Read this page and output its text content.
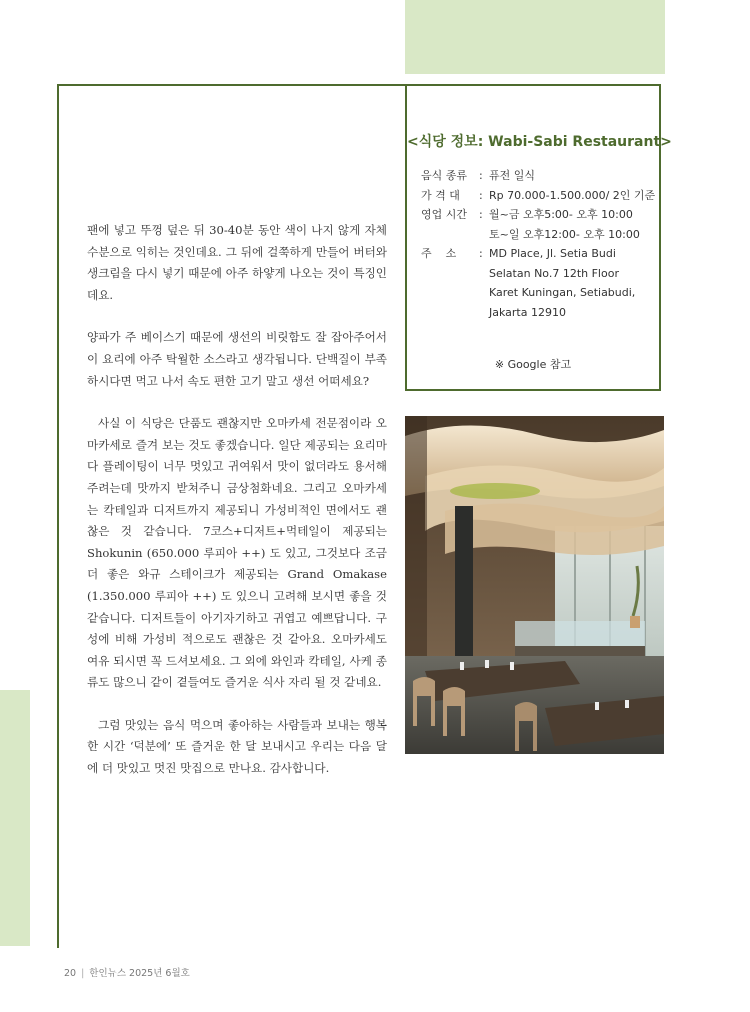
<식당 정보: Wabi-Sabi Restaurant>
음식 종류	: 퓨전 일식
가 격 대	: Rp 70.000-1.500.000/ 2인 기준
영업 시간	: 월~금 오후5:00- 오후 10:00
토~일 오후12:00- 오후 10:00
주    소	: MD Place, Jl. Setia Budi
Selatan No.7 12th Floor
Karet Kuningan, Setiabudi,
Jakarta 12910
※ Google 참고

팬에 넣고 뚜껑 덮은 뒤 30-40분 동안 색이 나지 않게 자체 수분으로 익히는 것인데요. 그 뒤에 걸쭉하게 만들어 버터와 생크림을 다시 넣기 때문에 아주 하얗게 나오는 것이 특징인데요.

양파가 주 베이스기 때문에 생선의 비릿함도 잘 잡아주어서 이 요리에 아주 탁월한 소스라고 생각됩니다. 단백질이 부족하시다면 먹고 나서 속도 편한 고기 말고 생선 어떠세요?

사실 이 식당은 단품도 괜찮지만 오마카세 전문점이라 오마카세로 즐겨 보는 것도 좋겠습니다. 일단 제공되는 요리마다 플레이팅이 너무 멋있고 귀여워서 맛이 없더라도 용서해 주려는데 맛까지 받쳐주니 금상첨화네요. 그리고 오마카세는 칵테일과 디저트까지 제공되니 가성비적인 면에서도 괜찮은 것 같습니다. 7코스+디저트+먹테일이 제공되는 Shokunin (650.000 루피아 ++) 도 있고, 그것보다 조금 더 좋은 와규 스테이크가 제공되는 Grand Omakase (1.350.000 루피아 ++) 도 있으니 고려해 보시면 좋을 것 같습니다. 디저트들이 아기자기하고 귀엽고 예쁘답니다. 구성에 비해 가성비 적으로도 괜찮은 것 같아요. 오마카세도 여유 되시면 꼭 드셔보세요. 그 외에 와인과 칵테일, 사케 종류도 많으니 같이 곁들여도 즐거운 식사 자리 될 것 같네요.

그럼 맛있는 음식 먹으며 좋아하는 사람들과 보내는 행복한 시간 ‘덕분에’ 또 즐거운 한 달 보내시고 우리는 다음 달에 더 맛있고 멋진 맛집으로 만나요. 감사합니다.

20 | 한인뉴스 2025년 6월호
